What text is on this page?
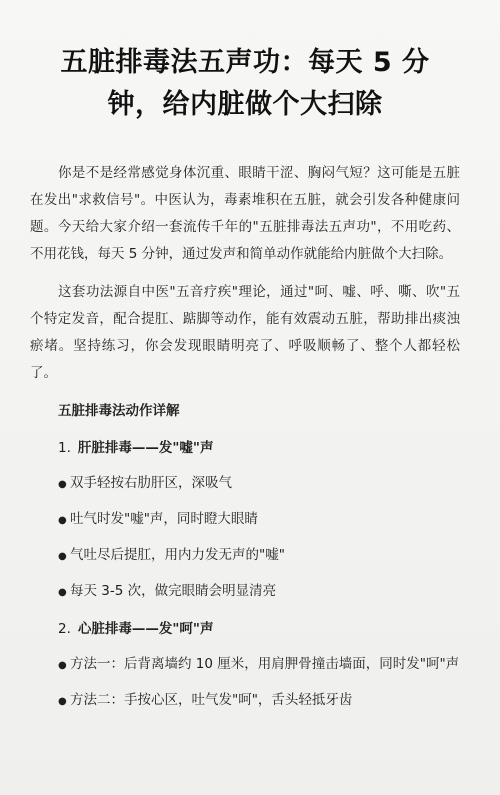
五脏排毒法五声功：每天 5 分
钟，给内脏做个大扫除

你是不是经常感觉身体沉重、眼睛干涩、胸闷气短？这可能是五脏在发出"求救信号"。中医认为，毒素堆积在五脏，就会引发各种健康问题。今天给大家介绍一套流传千年的"五脏排毒法五声功"，不用吃药、不用花钱，每天 5 分钟，通过发声和简单动作就能给内脏做个大扫除。

这套功法源自中医"五音疗疾"理论，通过"呵、嘘、呼、嘶、吹"五个特定发音，配合提肛、踮脚等动作，能有效震动五脏，帮助排出痰浊瘀堵。坚持练习，你会发现眼睛明亮了、呼吸顺畅了、整个人都轻松了。

五脏排毒法动作详解
1. 肝脏排毒——发"嘘"声
● 双手轻按右肋肝区，深吸气
● 吐气时发"嘘"声，同时瞪大眼睛
● 气吐尽后提肛，用内力发无声的"嘘"
● 每天 3-5 次，做完眼睛会明显清亮
2. 心脏排毒——发"呵"声
● 方法一：后背离墙约 10 厘米，用肩胛骨撞击墙面，同时发"呵"声
● 方法二：手按心区，吐气发"呵"，舌头轻抵牙齿
